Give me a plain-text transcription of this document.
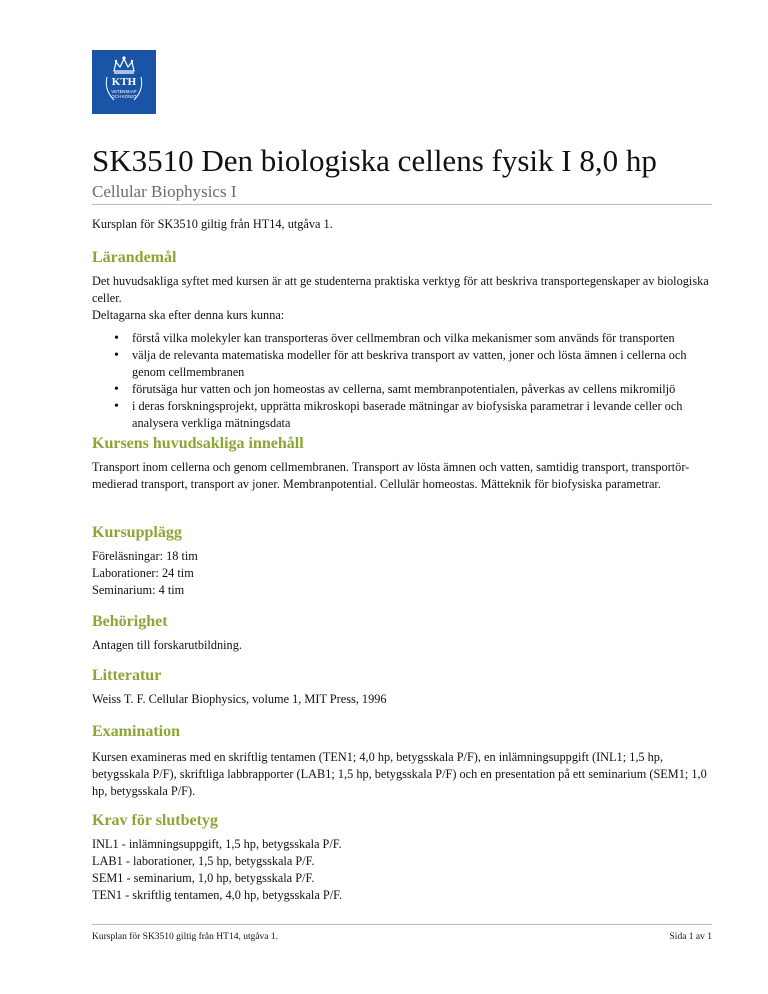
KTH
VETENSKAP
OCH KONST
SK3510 Den biologiska cellens fysik I 8,0 hp
Cellular Biophysics I

Kursplan för SK3510 giltig från HT14, utgåva 1.

Lärandemål

Det huvudsakliga syftet med kursen är att ge studenterna praktiska verktyg för att beskriva transportegenskaper av biologiska celler.

Deltagarna ska efter denna kurs kunna:

• förstå vilka molekyler kan transporteras över cellmembran och vilka mekanismer som används för transporten
• välja de relevanta matematiska modeller för att beskriva transport av vatten, joner och lösta ämnen i cellerna och genom cellmembranen
• förutsäga hur vatten och jon homeostas av cellerna, samt membranpotentialen, påverkas av cellens mikromiljö
• i deras forskningsprojekt, upprätta mikroskopi baserade mätningar av biofysiska parametrar i levande celler och analysera verkliga mätningsdata
Kursens huvudsakliga innehåll

Transport inom cellerna och genom cellmembranen. Transport av lösta ämnen och vatten, samtidig transport, transportör-medierad transport, transport av joner. Membranpotential. Cellulär homeostas. Mätteknik för biofysiska parametrar.

Kursupplägg

Föreläsningar: 18 tim

Laborationer: 24 tim

Seminarium: 4 tim

Behörighet

Antagen till forskarutbildning.

Litteratur

Weiss T. F. Cellular Biophysics, volume 1, MIT Press, 1996

Examination

Kursen examineras med en skriftlig tentamen (TEN1; 4,0 hp, betygsskala P/F), en inlämningsuppgift (INL1; 1,5 hp, betygsskala P/F), skriftliga labbrapporter (LAB1; 1,5 hp, betygsskala P/F) och en presentation på ett seminarium (SEM1; 1,0 hp, betygsskala P/F).

Krav för slutbetyg

INL1 - inlämningsuppgift, 1,5 hp, betygsskala P/F.

LAB1 - laborationer, 1,5 hp, betygsskala P/F.

SEM1 - seminarium, 1,0 hp, betygsskala P/F.

TEN1 - skriftlig tentamen, 4,0 hp, betygsskala P/F.

Kursplan för SK3510 giltig från HT14, utgåva 1.	Sida 1 av 1
